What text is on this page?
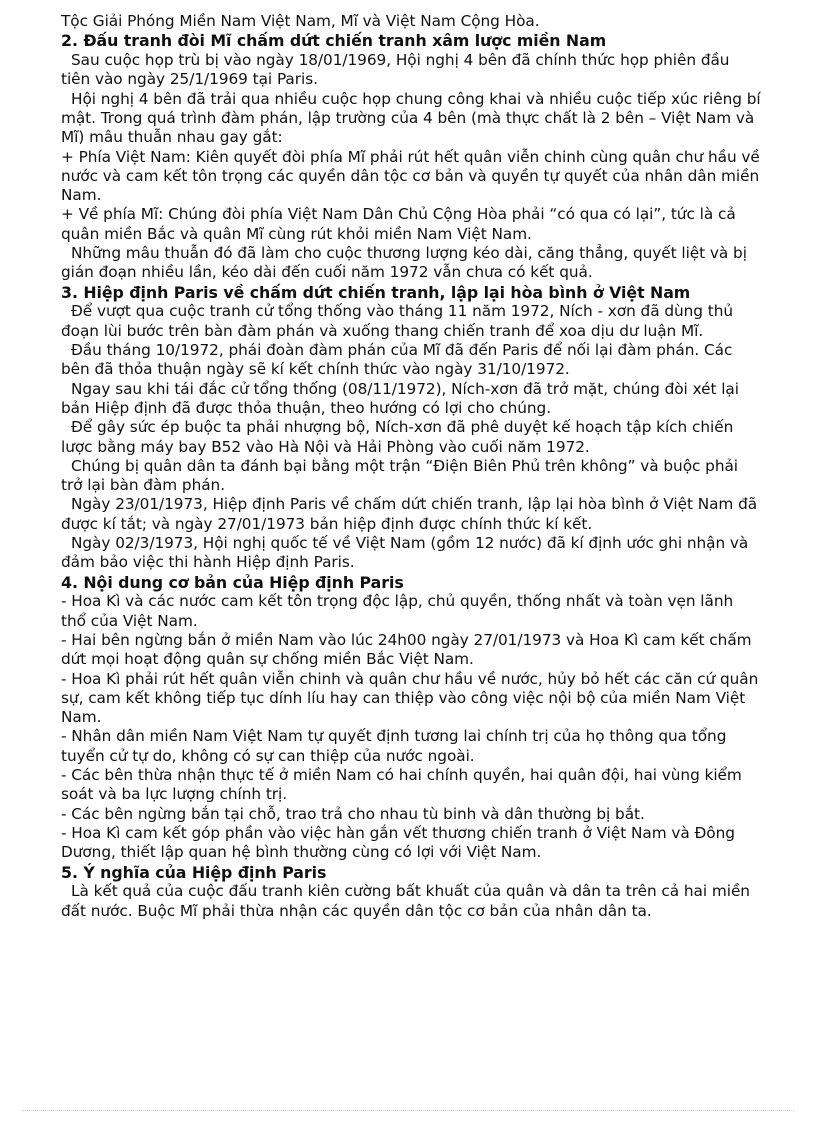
Tộc Giải Phóng Miền Nam Việt Nam, Mĩ và Việt Nam Cộng Hòa.

2. Đấu tranh đòi Mĩ chấm dứt chiến tranh xâm lược miền Nam

Sau cuộc họp trù bị vào ngày 18/01/1969, Hội nghị 4 bên đã chính thức họp phiên đầu tiên vào ngày 25/1/1969 tại Paris.

Hội nghị 4 bên đã trải qua nhiều cuộc họp chung công khai và nhiều cuộc tiếp xúc riêng bí mật. Trong quá trình đàm phán, lập trường của 4 bên (mà thực chất là 2 bên – Việt Nam và Mĩ) mâu thuẫn nhau gay gắt:

+ Phía Việt Nam: Kiên quyết đòi phía Mĩ phải rút hết quân viễn chinh cùng quân chư hầu về nước và cam kết tôn trọng các quyền dân tộc cơ bản và quyền tự quyết của nhân dân miền Nam.

+ Về phía Mĩ: Chúng đòi phía Việt Nam Dân Chủ Cộng Hòa phải “có qua có lại”, tức là cả quân miền Bắc và quân Mĩ cùng rút khỏi miền Nam Việt Nam.

Những mâu thuẫn đó đã làm cho cuộc thương lượng kéo dài, căng thẳng, quyết liệt và bị gián đoạn nhiều lần, kéo dài đến cuối năm 1972 vẫn chưa có kết quả.

3. Hiệp định Paris về chấm dứt chiến tranh, lập lại hòa bình ở Việt Nam

Để vượt qua cuộc tranh cử tổng thống vào tháng 11 năm 1972, Ních - xơn đã dùng thủ đoạn lùi bước trên bàn đàm phán và xuống thang chiến tranh để xoa dịu dư luận Mĩ.

Đầu tháng 10/1972, phái đoàn đàm phán của Mĩ đã đến Paris để nối lại đàm phán. Các bên đã thỏa thuận ngày sẽ kí kết chính thức vào ngày 31/10/1972.

Ngay sau khi tái đắc cử tổng thống (08/11/1972), Ních-xơn đã trở mặt, chúng đòi xét lại bản Hiệp định đã được thỏa thuận, theo hướng có lợi cho chúng.

Để gây sức ép buộc ta phải nhượng bộ, Ních-xơn đã phê duyệt kế hoạch tập kích chiến lược bằng máy bay B52 vào Hà Nội và Hải Phòng vào cuối năm 1972.

Chúng bị quân dân ta đánh bại bằng một trận “Điện Biên Phủ trên không” và buộc phải trở lại bàn đàm phán.

Ngày 23/01/1973, Hiệp định Paris về chấm dứt chiến tranh, lập lại hòa bình ở Việt Nam đã được kí tắt; và ngày 27/01/1973 bản hiệp định được chính thức kí kết.

Ngày 02/3/1973, Hội nghị quốc tế về Việt Nam (gồm 12 nước) đã kí định ước ghi nhận và đảm bảo việc thi hành Hiệp định Paris.

4. Nội dung cơ bản của Hiệp định Paris

- Hoa Kì và các nước cam kết tôn trọng độc lập, chủ quyền, thống nhất và toàn vẹn lãnh thổ của Việt Nam.

- Hai bên ngừng bắn ở miền Nam vào lúc 24h00 ngày 27/01/1973 và Hoa Kì cam kết chấm dứt mọi hoạt động quân sự chống miền Bắc Việt Nam.

- Hoa Kì phải rút hết quân viễn chinh và quân chư hầu về nước, hủy bỏ hết các căn cứ quân sự, cam kết không tiếp tục dính líu hay can thiệp vào công việc nội bộ của miền Nam Việt Nam.

- Nhân dân miền Nam Việt Nam tự quyết định tương lai chính trị của họ thông qua tổng tuyển cử tự do, không có sự can thiệp của nước ngoài.

- Các bên thừa nhận thực tế ở miền Nam có hai chính quyền, hai quân đội, hai vùng kiểm soát và ba lực lượng chính trị.

- Các bên ngừng bắn tại chỗ, trao trả cho nhau tù binh và dân thường bị bắt.

- Hoa Kì cam kết góp phần vào việc hàn gắn vết thương chiến tranh ở Việt Nam và Đông Dương, thiết lập quan hệ bình thường cùng có lợi với Việt Nam.

5. Ý nghĩa của Hiệp định Paris

Là kết quả của cuộc đấu tranh kiên cường bất khuất của quân và dân ta trên cả hai miền đất nước. Buộc Mĩ phải thừa nhận các quyền dân tộc cơ bản của nhân dân ta.
